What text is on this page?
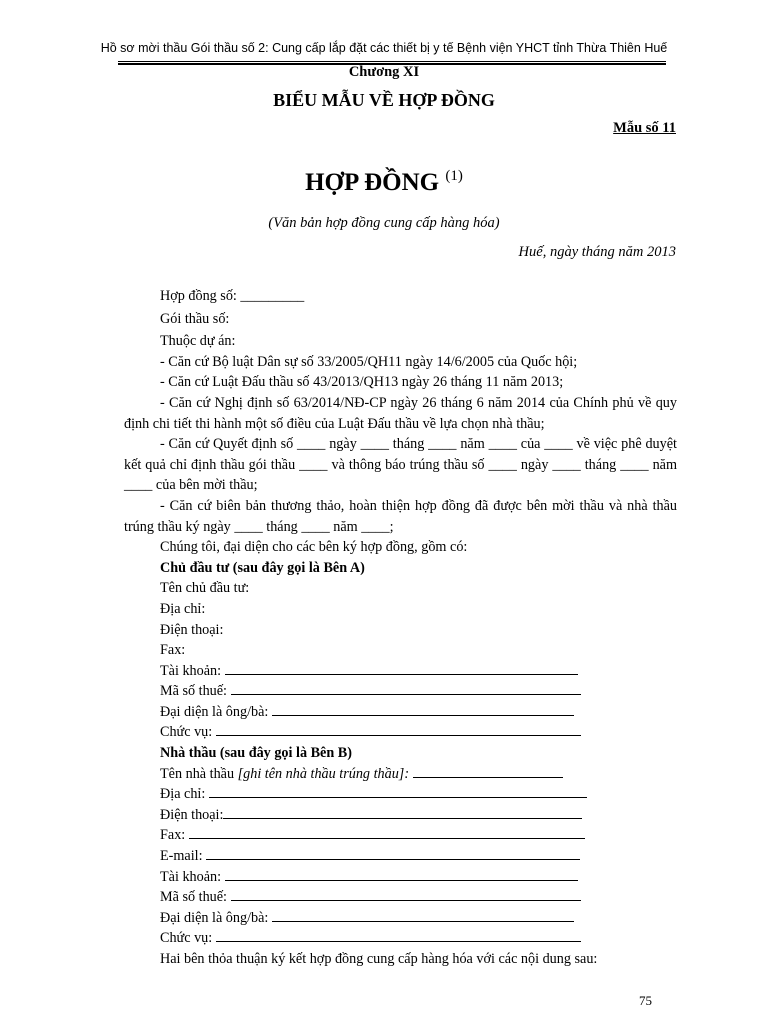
Hồ sơ mời thầu Gói thầu số 2: Cung cấp lắp đặt các thiết bị y tế Bệnh viện YHCT tỉnh Thừa Thiên Huế
Chương XI
BIỂU MẪU VỀ HỢP ĐỒNG
Mẫu số 11
HỢP ĐỒNG $^{(1)}$
(Văn bản hợp đồng cung cấp hàng hóa)
Huế, ngày tháng năm 2013
Hợp đồng số: _________
Gói thầu số:
Thuộc dự án:
- Căn cứ Bộ luật Dân sự số 33/2005/QH11 ngày 14/6/2005 của Quốc hội;
- Căn cứ Luật Đấu thầu số 43/2013/QH13 ngày 26 tháng 11 năm 2013;
- Căn cứ Nghị định số 63/2014/NĐ-CP ngày 26 tháng 6 năm 2014 của Chính phủ về quy định chi tiết thi hành một số điều của Luật Đấu thầu về lựa chọn nhà thầu;
- Căn cứ Quyết định số ____ ngày ____ tháng ____ năm ____ của ____ về việc phê duyệt kết quả chỉ định thầu gói thầu ____ và thông báo trúng thầu số ____ ngày ____ tháng ____ năm ____ của bên mời thầu;
- Căn cứ biên bản thương thảo, hoàn thiện hợp đồng đã được bên mời thầu và nhà thầu trúng thầu ký ngày ____ tháng ____ năm ____;
Chúng tôi, đại diện cho các bên ký hợp đồng, gồm có:
Chủ đầu tư (sau đây gọi là Bên A)
Tên chủ đầu tư:
Địa chỉ:
Điện thoại:
Fax:
Tài khoản:
Mã số thuế:
Đại diện là ông/bà:
Chức vụ:
Nhà thầu (sau đây gọi là Bên B)
Tên nhà thầu [ghi tên nhà thầu trúng thầu]:
Địa chỉ:
Điện thoại:
Fax:
E-mail:
Tài khoản:
Mã số thuế:
Đại diện là ông/bà:
Chức vụ:
Hai bên thỏa thuận ký kết hợp đồng cung cấp hàng hóa với các nội dung sau:
75
